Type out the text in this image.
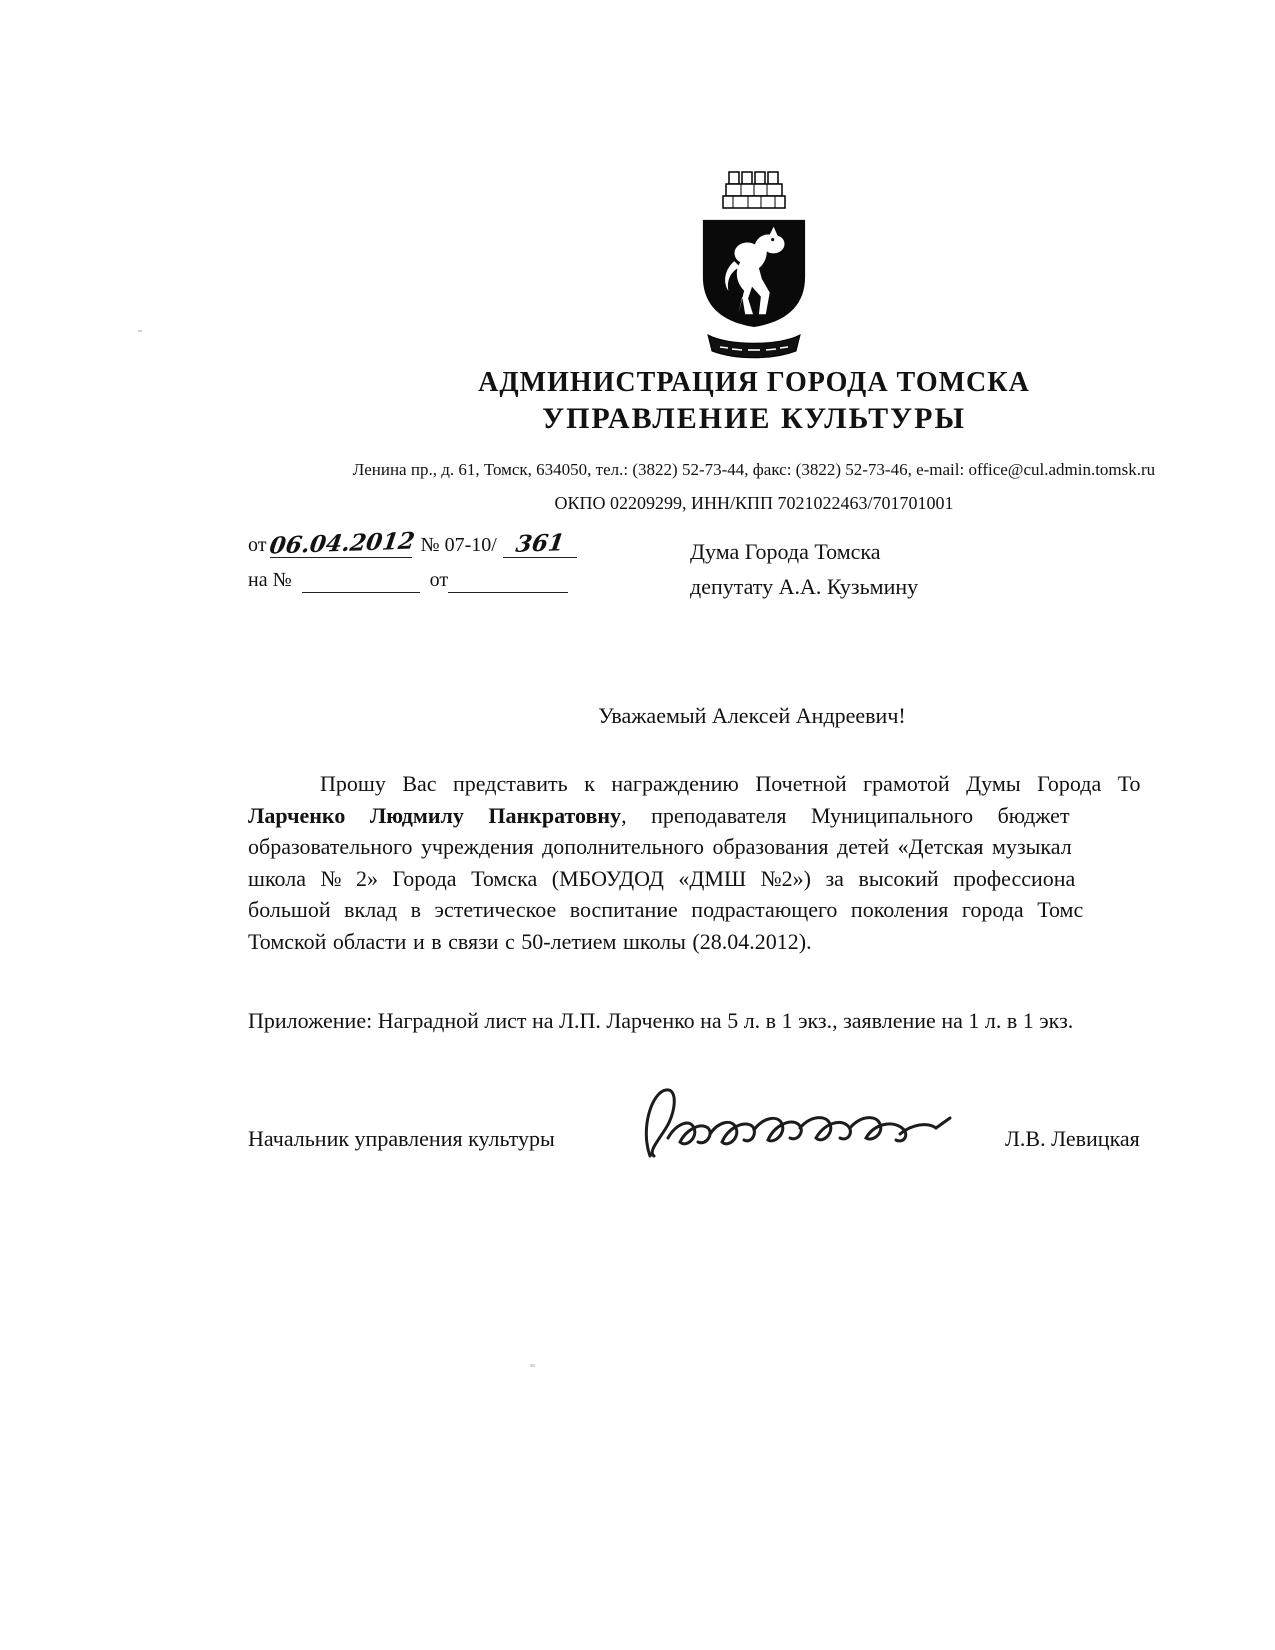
АДМИНИСТРАЦИЯ ГОРОДА ТОМСКА
УПРАВЛЕНИЕ КУЛЬТУРЫ
Ленина пр., д. 61, Томск, 634050, тел.: (3822) 52-73-44, факс: (3822) 52-73-46, e-mail: office@cul.admin.tomsk.ru
ОКПО 02209299, ИНН/КПП 7021022463/701701001
от 06.04.2012 № 07-10/ 361
на №	от
Дума Города Томска
депутату А.А. Кузьмину
Уважаемый Алексей Андреевич!
Прошу Вас представить к награждению Почетной грамотой Думы Города То
Ларченко Людмилу Панкратовну, преподавателя Муниципального бюджет
образовательного учреждения дополнительного образования детей «Детская музыкал
школа № 2» Города Томска (МБОУДОД «ДМШ №2») за высокий профессиона
большой вклад в эстетическое воспитание подрастающего поколения города Томс
Томской области и в связи с 50-летием школы (28.04.2012).
Приложение: Наградной лист на Л.П. Ларченко на 5 л. в 1 экз., заявление на 1 л. в 1 экз.
Начальник управления культуры	Л.В. Левицкая
